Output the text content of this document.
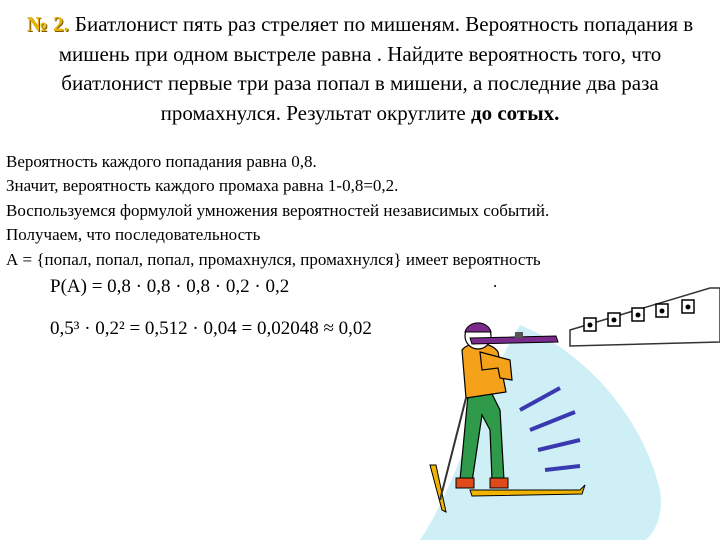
№ 2. Биатлонист пять раз стреляет по мишеням. Вероятность попадания в мишень при одном выстреле равна . Найдите вероятность того, что биатлонист первые три раза попал в мишени, а последние два раза промахнулся. Результат округлите до сотых.
Вероятность каждого попадания равна 0,8.
Значит, вероятность каждого промаха равна 1-0,8=0,2.
Воспользуемся формулой умножения вероятностей независимых событий.
Получаем, что последовательность
А = {попал, попал, попал, промахнулся, промахнулся} имеет вероятность
P(A) = 0,8 · 0,8 · 0,8 · 0,2 · 0,2	.
0,5³ · 0,2² = 0,512 · 0,04 = 0,02048 ≈ 0,02
